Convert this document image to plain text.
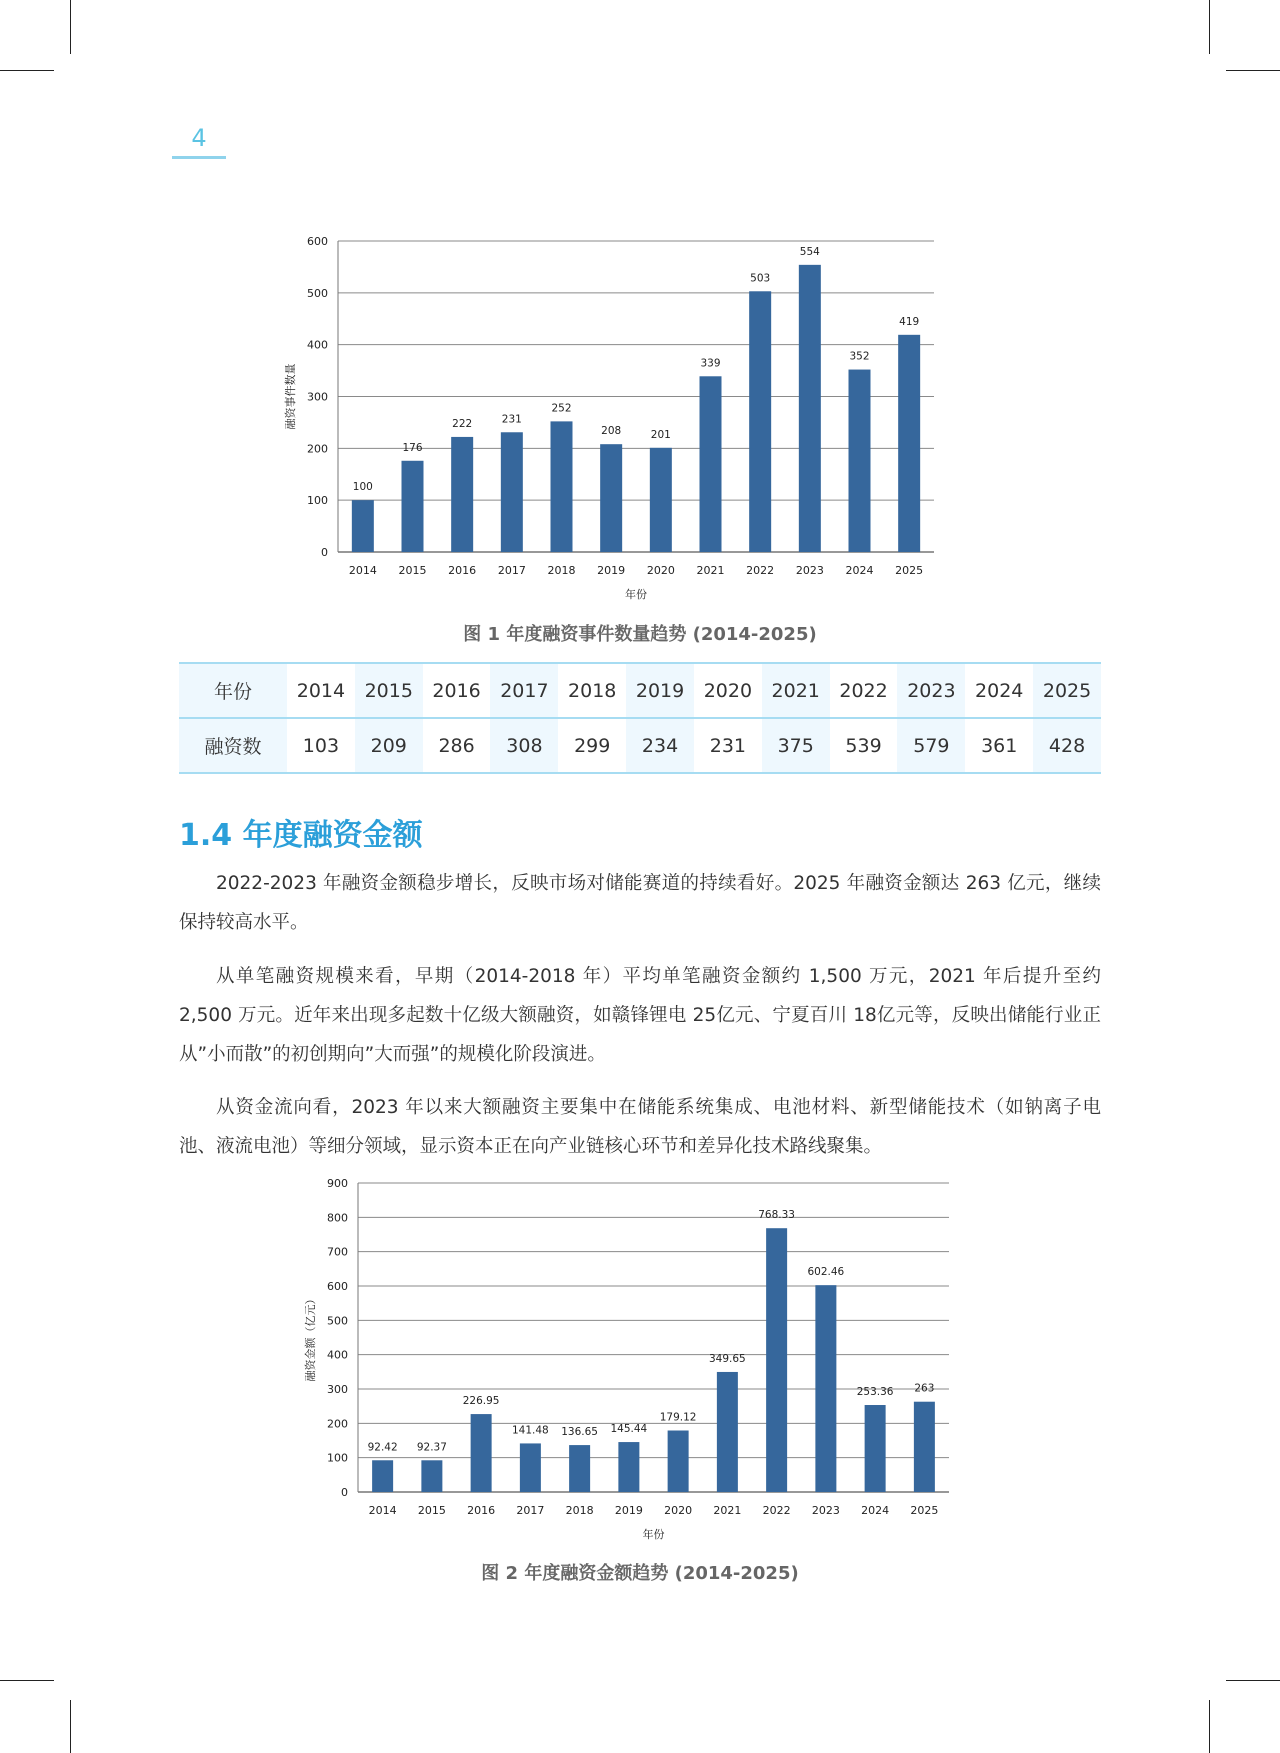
4
0
100
200
300
400
500
600
100
2014
176
2015
222
2016
231
2017
252
2018
208
2019
201
2020
339
2021
503
2022
554
2023
352
2024
419
2025
年份
融资事件数量
图 1 年度融资事件数量趋势 (2014-2025)
年份	2014	2015	2016	2017	2018	2019	2020	2021	2022	2023	2024	2025
融资数	103	209	286	308	299	234	231	375	539	579	361	428
1.4 年度融资金额

2022-2023 年融资金额稳步增长，反映市场对储能赛道的持续看好。2025 年融资金额达 263 亿元，继续保持较高水平。

从单笔融资规模来看，早期（2014-2018 年）平均单笔融资金额约 1,500 万元，2021 年后提升至约 2,500 万元。近年来出现多起数十亿级大额融资，如赣锋锂电 25亿元、宁夏百川 18亿元等，反映出储能行业正从”小而散”的初创期向”大而强”的规模化阶段演进。

从资金流向看，2023 年以来大额融资主要集中在储能系统集成、电池材料、新型储能技术（如钠离子电池、液流电池）等细分领域，显示资本正在向产业链核心环节和差异化技术路线聚集。

0
100
200
300
400
500
600
700
800
900
92.42
2014
92.37
2015
226.95
2016
141.48
2017
136.65
2018
145.44
2019
179.12
2020
349.65
2021
768.33
2022
602.46
2023
253.36
2024
263
2025
年份
融资金额（亿元）
图 2 年度融资金额趋势 (2014-2025)
